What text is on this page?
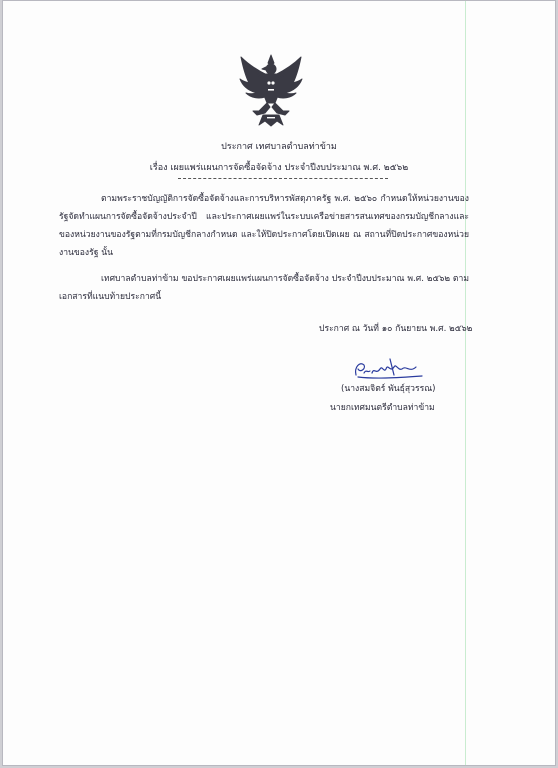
ประกาศ เทศบาลตำบลท่าข้าม
เรื่อง เผยแพร่แผนการจัดซื้อจัดจ้าง ประจำปีงบประมาณ พ.ศ. ๒๕๖๒
ตามพระราชบัญญัติการจัดซื้อจัดจ้างและการบริหารพัสดุภาครัฐ พ.ศ. ๒๕๖๐ กำหนดให้หน่วยงานของรัฐจัดทำแผนการจัดซื้อจัดจ้างประจำปี และประกาศเผยแพร่ในระบบเครือข่ายสารสนเทศของกรมบัญชีกลางและของหน่วยงานของรัฐตามที่กรมบัญชีกลางกำหนด และให้ปิดประกาศโดยเปิดเผย ณ สถานที่ปิดประกาศของหน่วยงานของรัฐ นั้น
เทศบาลตำบลท่าข้าม ขอประกาศเผยแพร่แผนการจัดซื้อจัดจ้าง ประจำปีงบประมาณ พ.ศ. ๒๕๖๒ ตามเอกสารที่แนบท้ายประกาศนี้
ประกาศ ณ วันที่ ๑๐ กันยายน พ.ศ. ๒๕๖๒
(นางสมจิตร์ พันธุ์สุวรรณ)
นายกเทศมนตรีตำบลท่าข้าม
